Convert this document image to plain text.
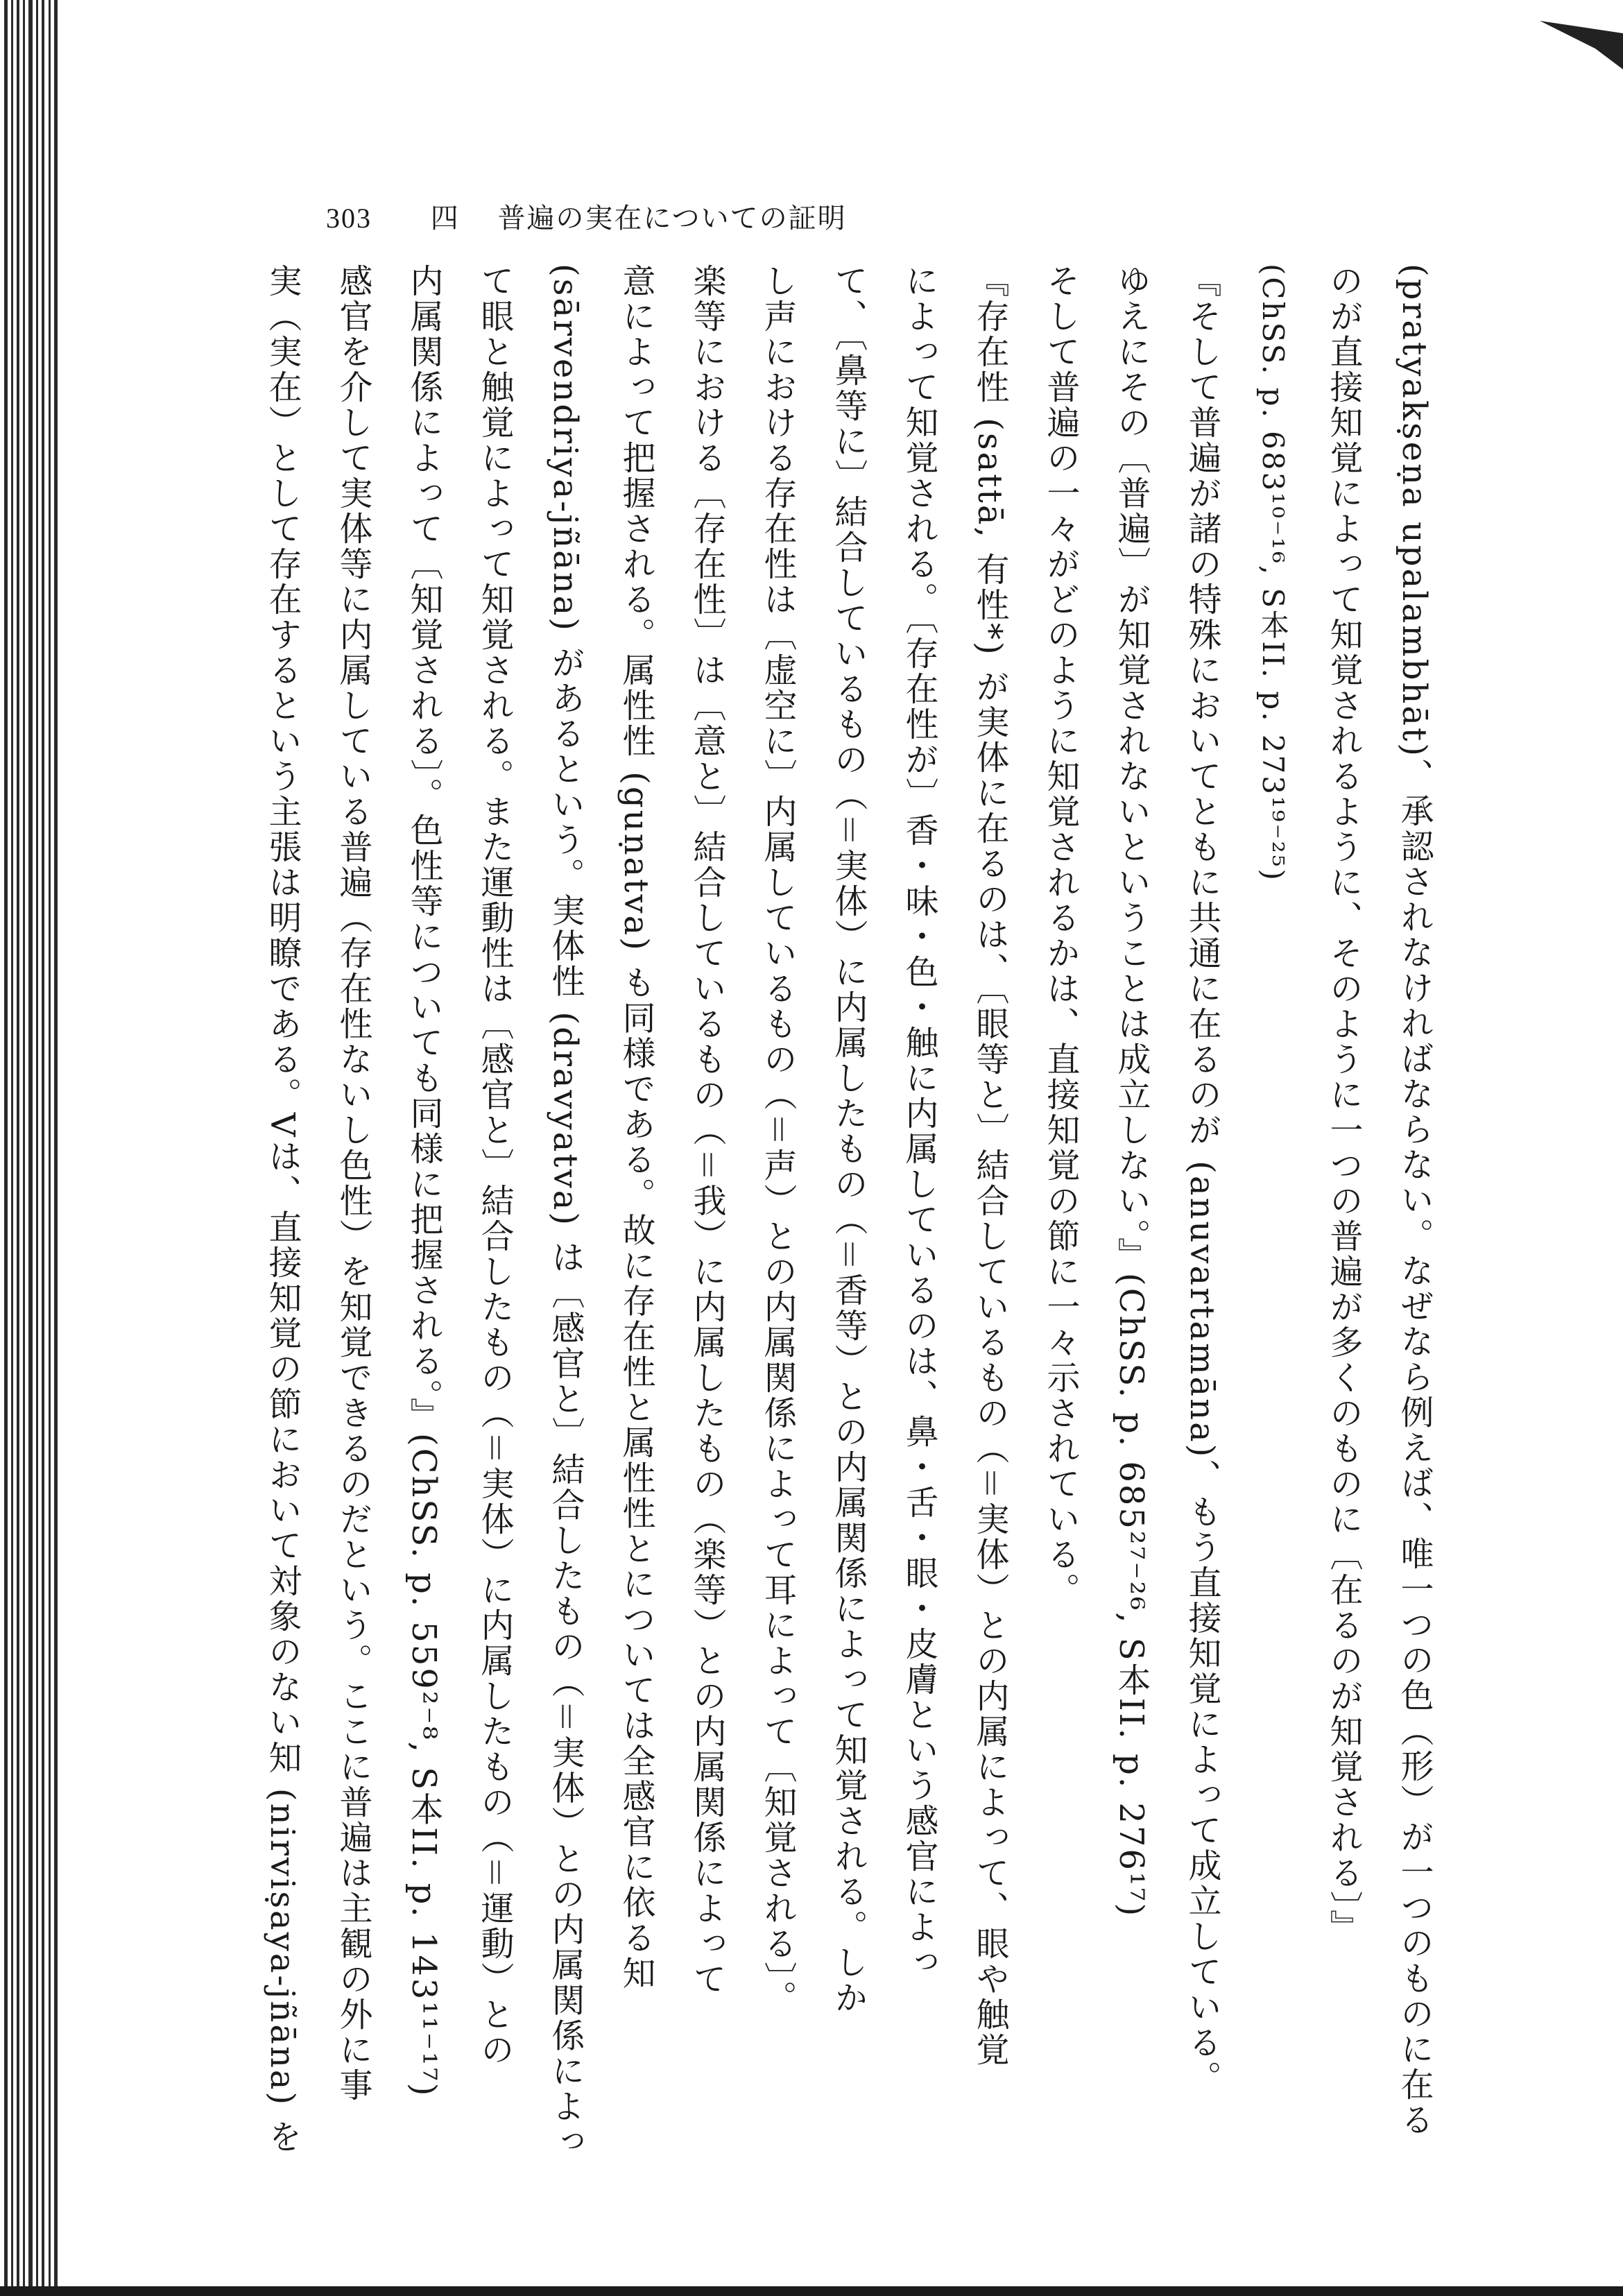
303 四 普遍の実在についての証明
(pratyakṣeṇa upalambhāt)、承認されなければならない。なぜなら例えば、唯一つの色（形）が一つのものに在る
のが直接知覚によって知覚されるように、そのように一つの普遍が多くのものに〔在るのが知覚される〕』
(ChSS. p. 683¹⁰⁻¹⁶, S本II. p. 273¹⁹⁻²⁵)
『そして普遍が諸の特殊においてともに共通に在るのが (anuvartamāna)、もう直接知覚によって成立している。
ゆえにその〔普遍〕が知覚されないということは成立しない。』(ChSS. p. 685²⁷⁻²⁶, S本II. p. 276¹⁷)
そして普遍の一々がどのように知覚されるかは、直接知覚の節に一々示されている。
『存在性 (sattā, 有性*) が実体に在るのは、〔眼等と〕結合しているもの（＝実体）との内属によって、眼や触覚
によって知覚される。〔存在性が〕香・味・色・触に内属しているのは、鼻・舌・眼・皮膚という感官によっ
て、〔鼻等に〕結合しているもの（＝実体）に内属したもの（＝香等）との内属関係によって知覚される。しか
し声における存在性は〔虚空に〕内属しているもの（＝声）との内属関係によって耳によって〔知覚される〕。
楽等における〔存在性〕は〔意と〕結合しているもの（＝我）に内属したもの（楽等）との内属関係によって
意によって把握される。属性性 (guṇatva) も同様である。故に存在性と属性性とについては全感官に依る知
(sārvendriya-jñāna) があるという。実体性 (dravyatva) は〔感官と〕結合したもの（＝実体）との内属関係によっ
て眼と触覚によって知覚される。また運動性は〔感官と〕結合したもの（＝実体）に内属したもの（＝運動）との
内属関係によって〔知覚される〕。色性等についても同様に把握される。』(ChSS. p. 559²⁻⁸, S本II. p. 143¹¹⁻¹⁷)
感官を介して実体等に内属している普遍（存在性ないし色性）を知覚できるのだという。ここに普遍は主観の外に事
実（実在）として存在するという主張は明瞭である。Vは、直接知覚の節において対象のない知 (nirviṣaya-jñāna) を
